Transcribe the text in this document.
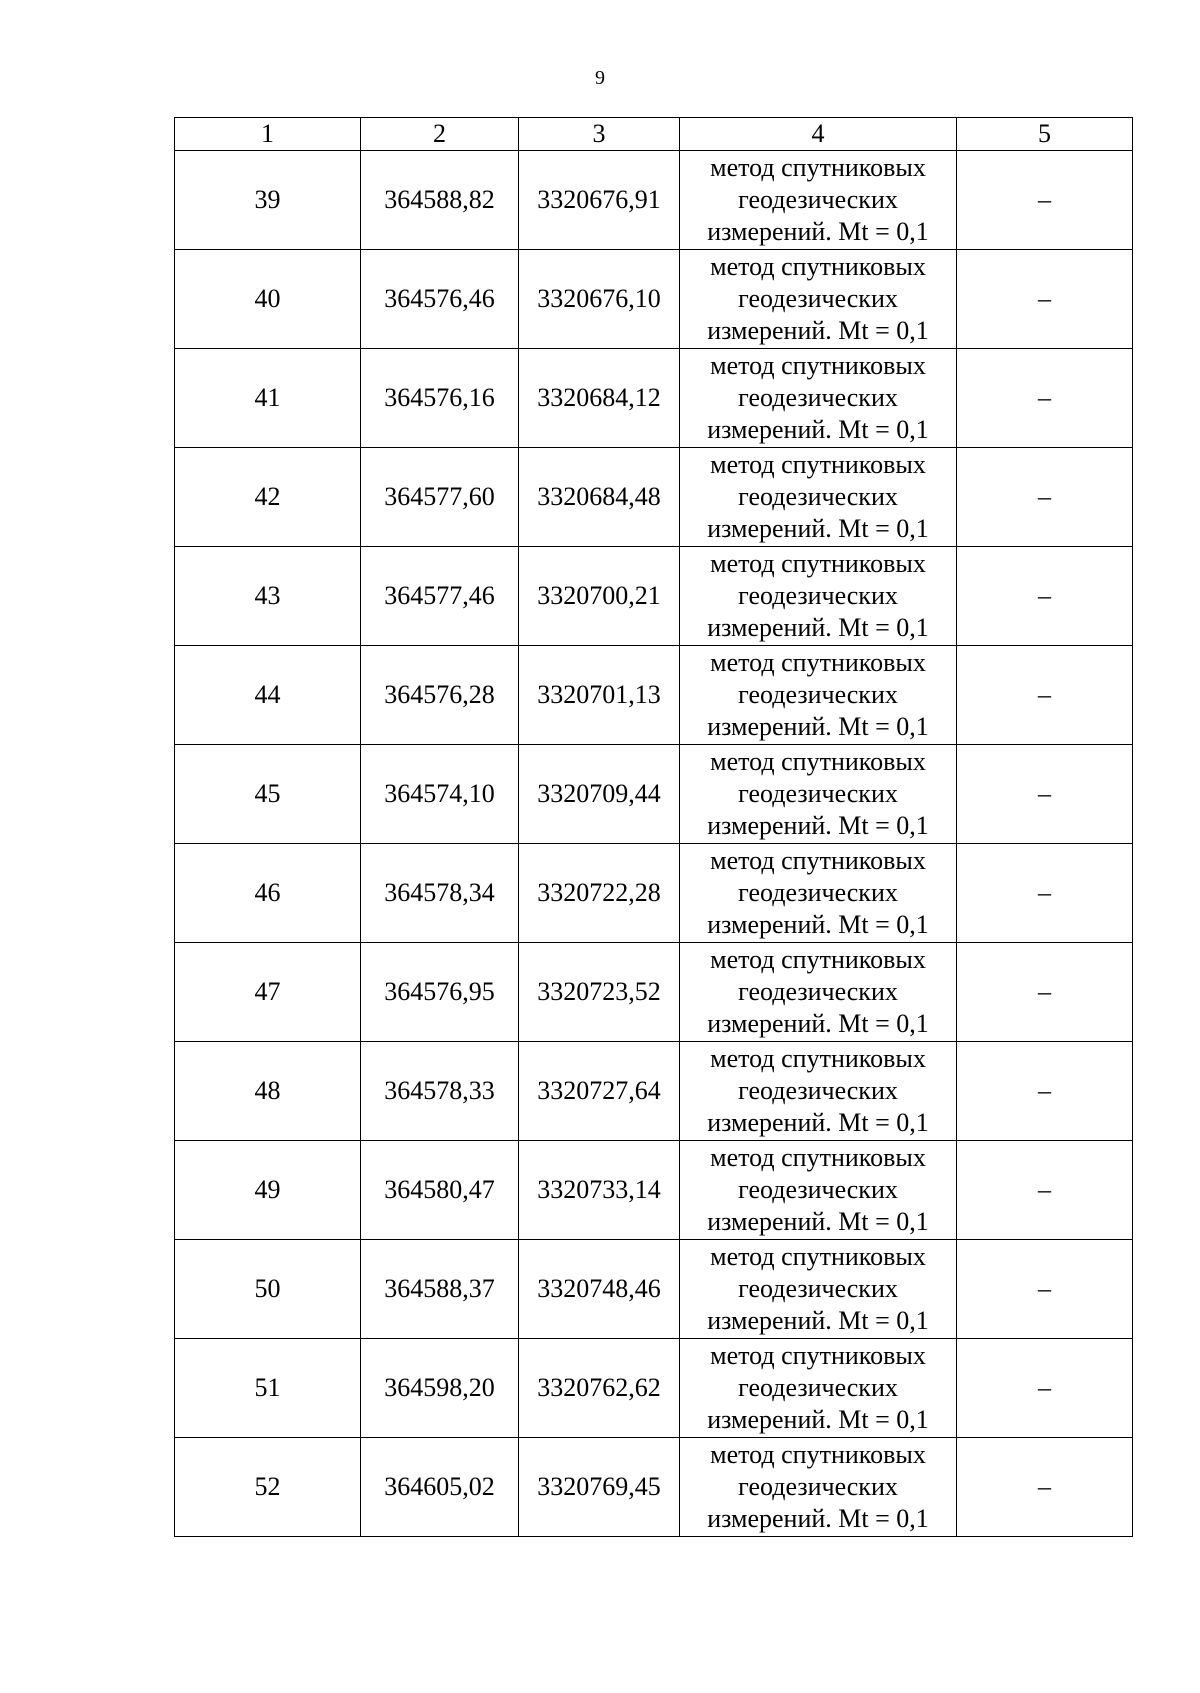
9
1	2	3	4	5
39	364588,82	3320676,91	метод спутниковых
геодезических
измерений. Mt = 0,1	–
40	364576,46	3320676,10	метод спутниковых
геодезических
измерений. Mt = 0,1	–
41	364576,16	3320684,12	метод спутниковых
геодезических
измерений. Mt = 0,1	–
42	364577,60	3320684,48	метод спутниковых
геодезических
измерений. Mt = 0,1	–
43	364577,46	3320700,21	метод спутниковых
геодезических
измерений. Mt = 0,1	–
44	364576,28	3320701,13	метод спутниковых
геодезических
измерений. Mt = 0,1	–
45	364574,10	3320709,44	метод спутниковых
геодезических
измерений. Mt = 0,1	–
46	364578,34	3320722,28	метод спутниковых
геодезических
измерений. Mt = 0,1	–
47	364576,95	3320723,52	метод спутниковых
геодезических
измерений. Mt = 0,1	–
48	364578,33	3320727,64	метод спутниковых
геодезических
измерений. Mt = 0,1	–
49	364580,47	3320733,14	метод спутниковых
геодезических
измерений. Mt = 0,1	–
50	364588,37	3320748,46	метод спутниковых
геодезических
измерений. Mt = 0,1	–
51	364598,20	3320762,62	метод спутниковых
геодезических
измерений. Mt = 0,1	–
52	364605,02	3320769,45	метод спутниковых
геодезических
измерений. Mt = 0,1	–
